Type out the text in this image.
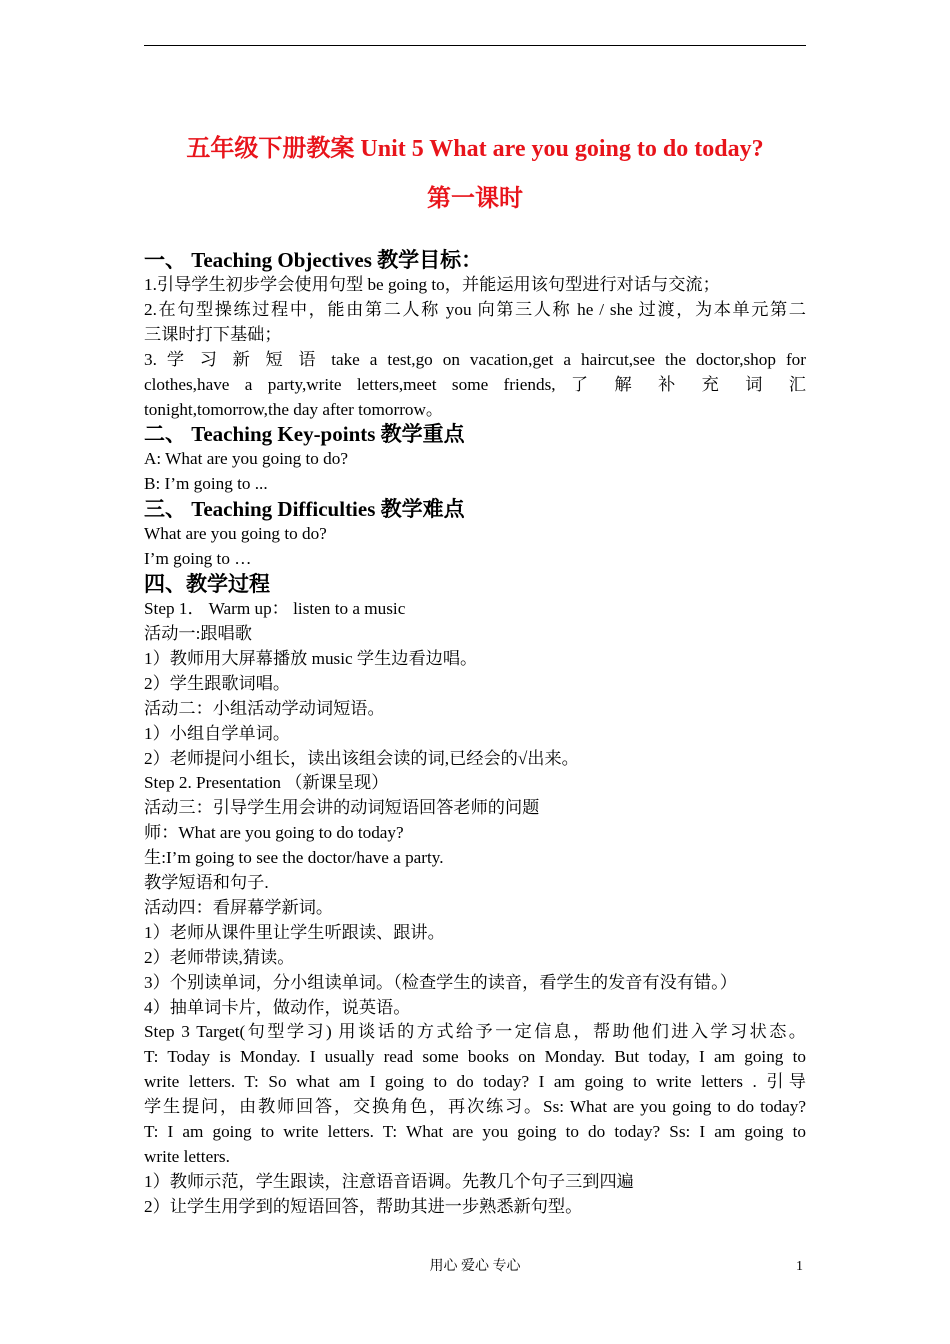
五年级下册教案 Unit 5 What are you going to do today?
第一课时
一、 Teaching Objectives 教学目标：
1.引导学生初步学会使用句型 be going to，并能运用该句型进行对话与交流；
2.在句型操练过程中，能由第二人称 you 向第三人称 he / she 过渡，为本单元第二
三课时打下基础；
3. 学 习 新 短 语 take a test,go on vacation,get a haircut,see the doctor,shop for
clothes,have a party,write letters,meet some friends, 了 解 补 充 词 汇
tonight,tomorrow,the day after tomorrow。
二、 Teaching Key-points 教学重点
A: What are you going to do?
B: I’m going to ...
三、 Teaching Difficulties 教学难点
What are you going to do?
I’m going to …
四、教学过程
Step 1． Warm up： listen to a music
活动一:跟唱歌
1）教师用大屏幕播放 music 学生边看边唱。
2）学生跟歌词唱。
活动二：小组活动学动词短语。
1）小组自学单词。
2）老师提问小组长，读出该组会读的词,已经会的√出来。
Step 2. Presentation （新课呈现）
活动三：引导学生用会讲的动词短语回答老师的问题
师：What are you going to do today?
生:I’m going to see the doctor/have a party.
教学短语和句子.
活动四：看屏幕学新词。
1）老师从课件里让学生听跟读、跟讲。
2）老师带读,猜读。
3）个别读单词，分小组读单词。（检查学生的读音，看学生的发音有没有错。）
4）抽单词卡片，做动作，说英语。
Step 3 Target(句型学习) 用谈话的方式给予一定信息，帮助他们进入学习状态。
T: Today is Monday. I usually read some books on Monday. But today, I am going to
write letters. T: So what am I going to do today? I am going to write letters . 引导
学生提问，由教师回答，交换角色，再次练习。Ss: What are you going to do today?
T: I am going to write letters. T: What are you going to do today? Ss: I am going to
write letters.
1）教师示范，学生跟读，注意语音语调。先教几个句子三到四遍
2）让学生用学到的短语回答，帮助其进一步熟悉新句型。
用心 爱心 专心	1
